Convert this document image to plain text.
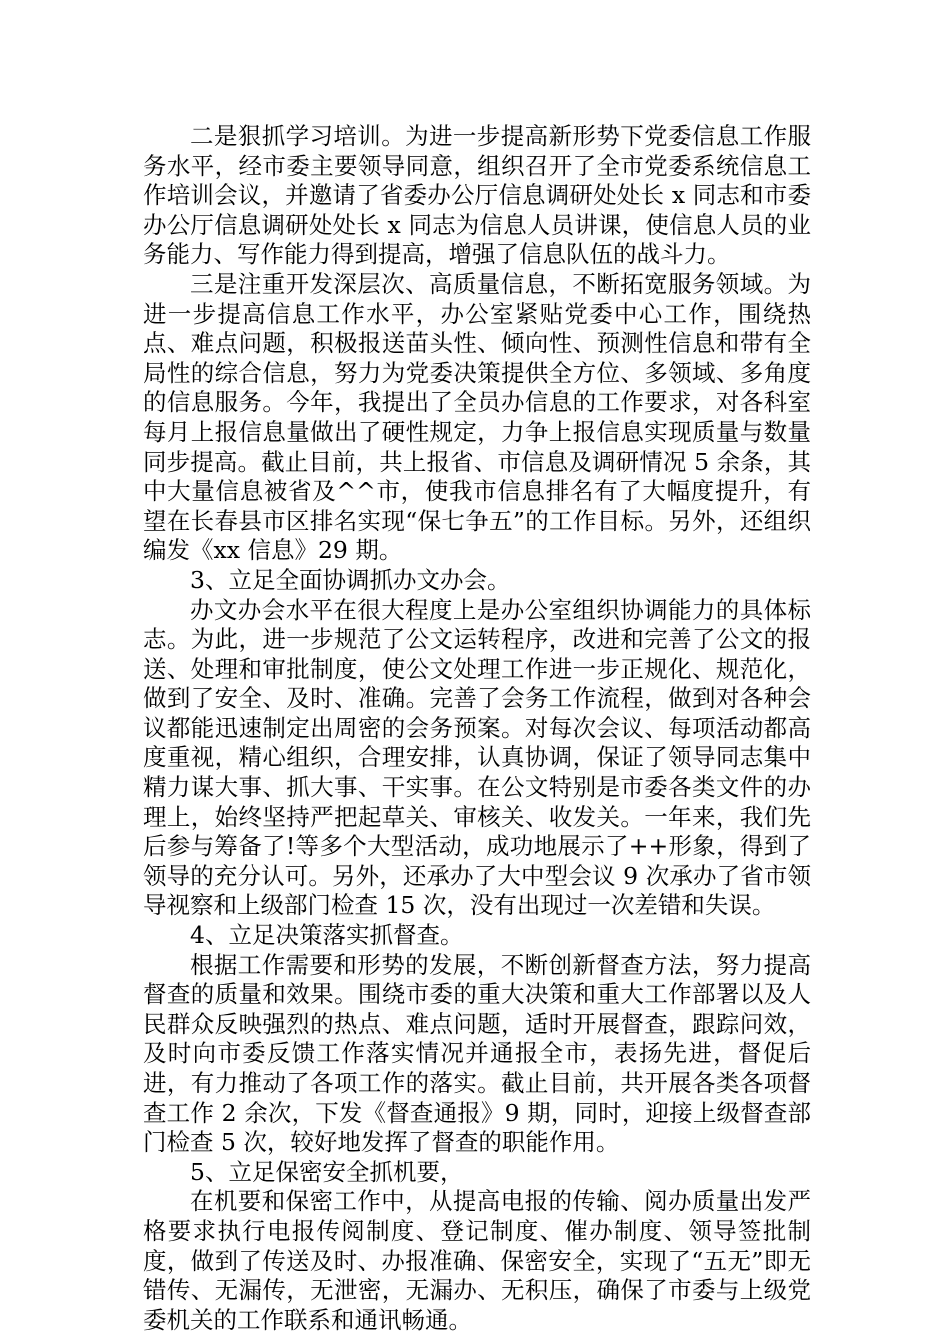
二是狠抓学习培训。为进一步提高新形势下党委信息工作服务水平，经市委主要领导同意，组织召开了全市党委系统信息工作培训会议，并邀请了省委办公厅信息调研处处长 x 同志和市委办公厅信息调研处处长 x 同志为信息人员讲课，使信息人员的业务能力、写作能力得到提高，增强了信息队伍的战斗力。

三是注重开发深层次、高质量信息，不断拓宽服务领域。为进一步提高信息工作水平，办公室紧贴党委中心工作，围绕热点、难点问题，积极报送苗头性、倾向性、预测性信息和带有全局性的综合信息，努力为党委决策提供全方位、多领域、多角度的信息服务。今年，我提出了全员办信息的工作要求，对各科室每月上报信息量做出了硬性规定，力争上报信息实现质量与数量同步提高。截止目前，共上报省、市信息及调研情况 5 余条，其中大量信息被省及^^市，使我市信息排名有了大幅度提升，有望在长春县市区排名实现“保七争五”的工作目标。另外，还组织编发《xx 信息》29 期。

3、立足全面协调抓办文办会。

办文办会水平在很大程度上是办公室组织协调能力的具体标志。为此，进一步规范了公文运转程序，改进和完善了公文的报送、处理和审批制度，使公文处理工作进一步正规化、规范化，做到了安全、及时、准确。完善了会务工作流程，做到对各种会议都能迅速制定出周密的会务预案。对每次会议、每项活动都高度重视，精心组织，合理安排，认真协调，保证了领导同志集中精力谋大事、抓大事、干实事。在公文特别是市委各类文件的办理上，始终坚持严把起草关、审核关、收发关。一年来，我们先后参与筹备了!等多个大型活动，成功地展示了++形象，得到了领导的充分认可。另外，还承办了大中型会议 9 次承办了省市领导视察和上级部门检查 15 次，没有出现过一次差错和失误。

4、立足决策落实抓督查。

根据工作需要和形势的发展，不断创新督查方法，努力提高督查的质量和效果。围绕市委的重大决策和重大工作部署以及人民群众反映强烈的热点、难点问题，适时开展督查，跟踪问效，及时向市委反馈工作落实情况并通报全市，表扬先进，督促后进，有力推动了各项工作的落实。截止目前，共开展各类各项督查工作 2 余次，下发《督查通报》9 期，同时，迎接上级督查部门检查 5 次，较好地发挥了督查的职能作用。

5、立足保密安全抓机要，

在机要和保密工作中，从提高电报的传输、阅办质量出发严格要求执行电报传阅制度、登记制度、催办制度、领导签批制度，做到了传送及时、办报准确、保密安全，实现了“五无”即无错传、无漏传，无泄密，无漏办、无积压，确保了市委与上级党委机关的工作联系和通讯畅通。
